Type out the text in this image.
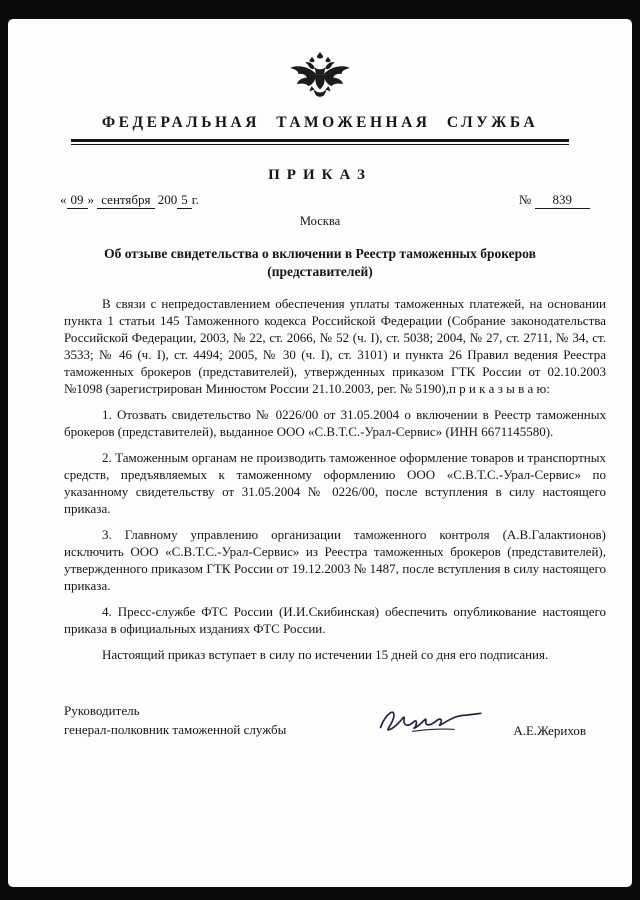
ФЕДЕРАЛЬНАЯ ТАМОЖЕННАЯ СЛУЖБА
ПРИКАЗ
« 09 » сентября 200 5 г.	№ 839
Москва
Об отзыве свидетельства о включении в Реестр таможенных брокеров
(представителей)

В связи с непредоставлением обеспечения уплаты таможенных платежей, на основании пункта 1 статьи 145 Таможенного кодекса Российской Федерации (Собрание законодательства Российской Федерации, 2003, № 22, ст. 2066, № 52 (ч. I), ст. 5038; 2004, № 27, ст. 2711, № 34, ст. 3533; № 46 (ч. I), ст. 4494; 2005, № 30 (ч. I), ст. 3101) и пункта 26 Правил ведения Реестра таможенных брокеров (представителей), утвержденных приказом ГТК России от 02.10.2003 №1098 (зарегистрирован Минюстом России 21.10.2003, рег. № 5190),п р и к а з ы в а ю:

1. Отозвать свидетельство № 0226/00 от 31.05.2004 о включении в Реестр таможенных брокеров (представителей), выданное ООО «С.В.Т.С.-Урал-Сервис» (ИНН 6671145580).

2. Таможенным органам не производить таможенное оформление товаров и транспортных средств, предъявляемых к таможенному оформлению ООО «С.В.Т.С.-Урал-Сервис» по указанному свидетельству от 31.05.2004 № 0226/00, после вступления в силу настоящего приказа.

3. Главному управлению организации таможенного контроля (А.В.Галактионов) исключить ООО «С.В.Т.С.-Урал-Сервис» из Реестра таможенных брокеров (представителей), утвержденного приказом ГТК России от 19.12.2003 № 1487, после вступления в силу настоящего приказа.

4. Пресс-службе ФТС России (И.И.Скибинская) обеспечить опубликование настоящего приказа в официальных изданиях ФТС России.

Настоящий приказ вступает в силу по истечении 15 дней со дня его подписания.

Руководитель
генерал-полковник таможенной службы	А.Е.Жерихов
